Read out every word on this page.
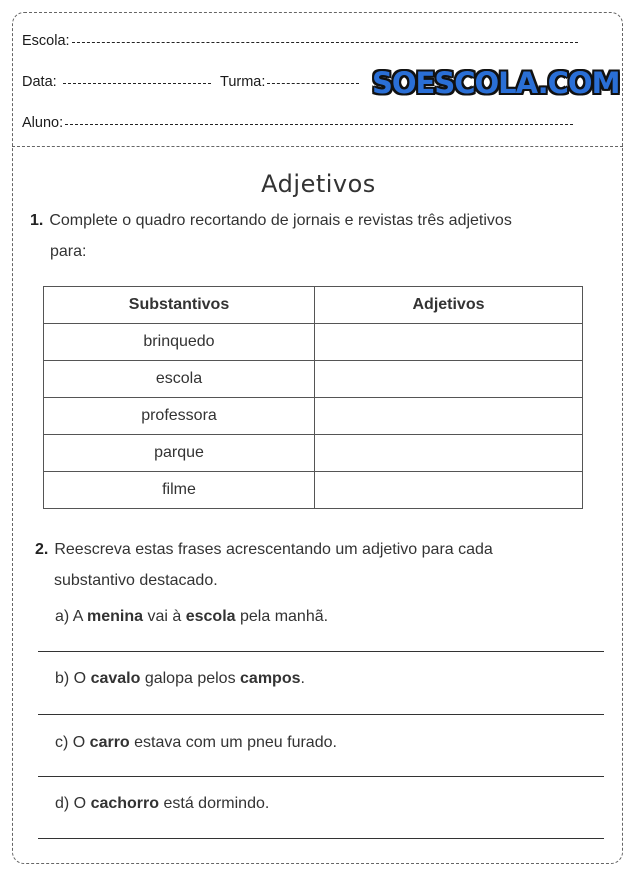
Escola:
Data:	Turma:	SOESCOLA.COM
Aluno:
Adjetivos
1. Complete o quadro recortando de jornais e revistas três adjetivos
para:
Substantivos	Adjetivos
brinquedo	
escola	
professora	
parque	
filme	
2. Reescreva estas frases acrescentando um adjetivo para cada
substantivo destacado.
a) A menina vai à escola pela manhã.
b) O cavalo galopa pelos campos.
c) O carro estava com um pneu furado.
d) O cachorro está dormindo.
